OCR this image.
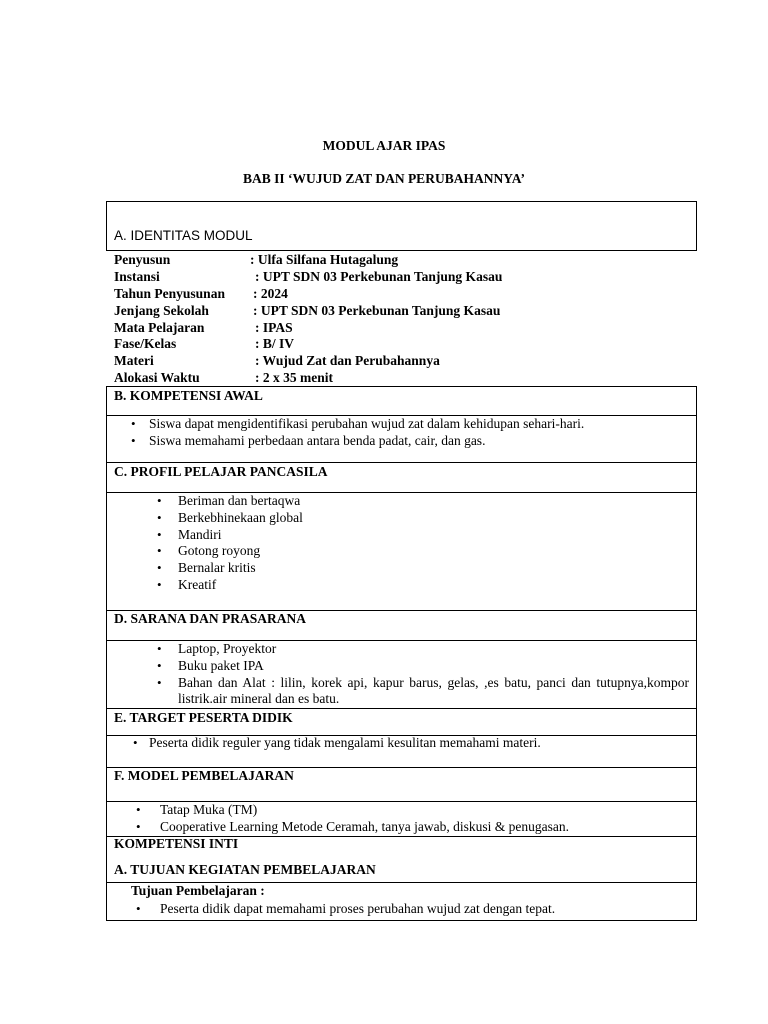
MODUL AJAR IPAS
BAB II ‘WUJUD ZAT DAN PERUBAHANNYA’
A. IDENTITAS MODUL
Penyusun	: Ulfa Silfana Hutagalung
Instansi	: UPT SDN 03 Perkebunan Tanjung Kasau
Tahun Penyusunan : 2024
Jenjang Sekolah	: UPT SDN 03 Perkebunan Tanjung Kasau
Mata Pelajaran	: IPAS
Fase/Kelas	: B/ IV
Materi	: Wujud Zat dan Perubahannya
Alokasi Waktu	: 2 x 35 menit
B. KOMPETENSI AWAL
• Siswa dapat mengidentifikasi perubahan wujud zat dalam kehidupan sehari-hari.
• Siswa memahami perbedaan antara benda padat, cair, dan gas.
C. PROFIL PELAJAR PANCASILA
• Beriman dan bertaqwa
• Berkebhinekaan global
• Mandiri
• Gotong royong
• Bernalar kritis
• Kreatif
D. SARANA DAN PRASARANA
• Laptop, Proyektor
• Buku paket IPA
• Bahan dan Alat : lilin, korek api, kapur barus, gelas, ,es batu, panci dan tutupnya,kompor listrik.air mineral dan es batu.
E. TARGET PESERTA DIDIK
• Peserta didik reguler yang tidak mengalami kesulitan memahami materi.
F. MODEL PEMBELAJARAN
• Tatap Muka (TM)
• Cooperative Learning Metode Ceramah, tanya jawab, diskusi & penugasan.
KOMPETENSI INTI
A. TUJUAN KEGIATAN PEMBELAJARAN
Tujuan Pembelajaran :
• Peserta didik dapat memahami proses perubahan wujud zat dengan tepat.
